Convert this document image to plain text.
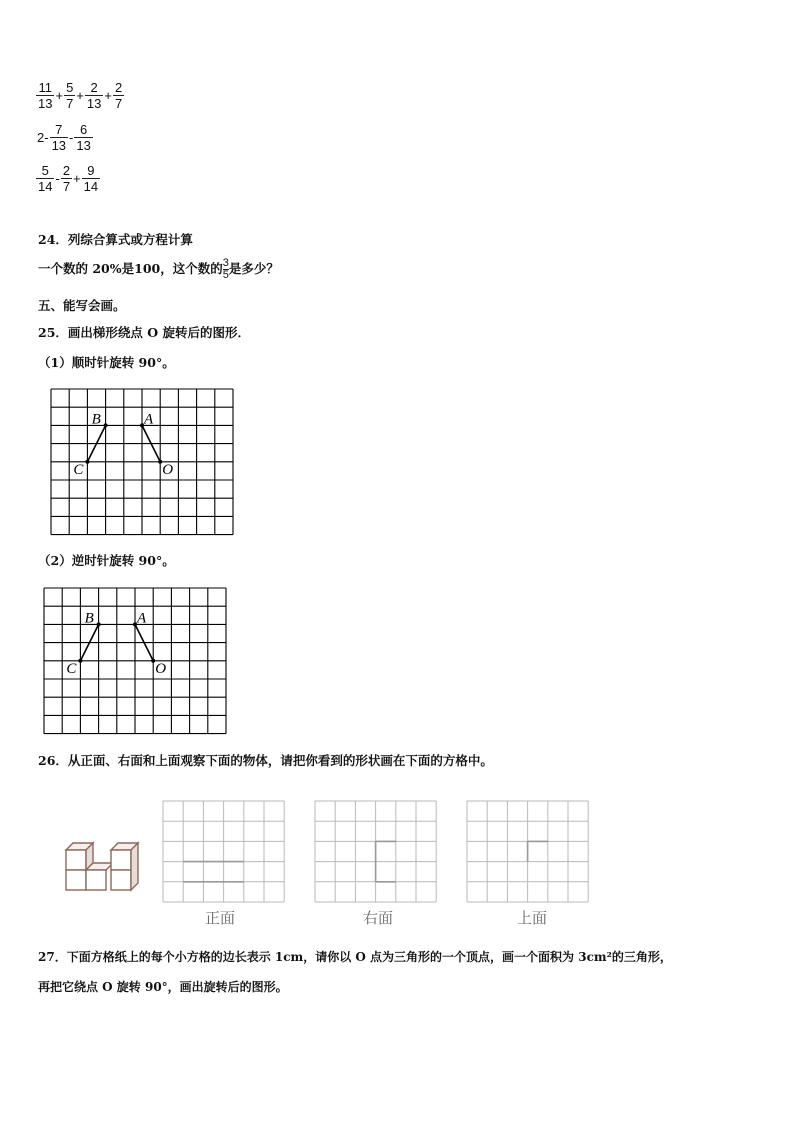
$\frac{11}{13} + \frac{5}{7} + \frac{2}{13} + \frac{2}{7}$
$2- \frac{7}{13} - \frac{6}{13}$
$\frac{5}{14} - \frac{2}{7} + \frac{9}{14}$
24．列综合算式或方程计算
一个数的 20%是100，这个数的 $\frac{3}{5}$ 是多少？
五、能写会画。
25．画出梯形绕点 O 旋转后的图形．
（1）顺时针旋转 90°。
B	A
C	O
（2）逆时针旋转 90°。
B	A
C	O
26．从正面、右面和上面观察下面的物体，请把你看到的形状画在下面的方格中。
正面	右面	上面
27．下面方格纸上的每个小方格的边长表示 1cm，请你以 O 点为三角形的一个顶点，画一个面积为 3cm²的三角形，
再把它绕点 O 旋转 90°，画出旋转后的图形。
